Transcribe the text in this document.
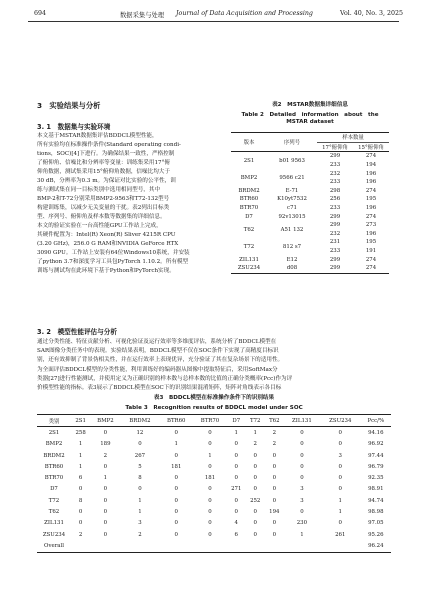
694	数据采集与处理 Journal of Data Acquisition and Processing	Vol. 40, No. 3, 2025
3　实验结果与分析
3. 1　数据集与实验环境
本文基于MSTAR数据集评估BDDCL模型性能，
所有实验均在标准操作条件(Standard operating condi-
tions，SOC)[4]下进行。为确保结果一致性，严格控制
了俯仰角、信噪比和分辨率等变量：训练集采用17°俯
仰角数据，测试集采用15°俯仰角数据，信噪比均大于
30 dB，分辨率为0.3 m。为保证对比实验的公平性，训
练与测试集在同一目标类别中选用相同型号，其中
BMP-2和T-72分别采用BMP2-9563和T72-132型号
构建训练集，以减少无关变量的干扰。表2列出目标类
型、序列号、俯仰角及样本数等数据集的详细信息。
本文的验证实验在一台高性能GPU工作站上完成，
其硬件配置为：Intel(R) Xeon(R) Sliver 4215R CPU
(3.20 GHz)，256.0 G RAM和NVIDIA GeForce RTX
3090 GPU。工作站上安装有64位Windows10系统，并安装
了python 3.7和深度学习工具包PyTorch 1.10.2。所有模型
训练与测试均在此环境下基于Python和PyTorch实现。
表2　MSTAR数据集详细信息
Table 2　Detailed　information　about　the
MSTAR dataset
版本	序列号	样本数量	
		17°俯仰角	15°俯仰角
2S1	b01 9563	299	274
		233	194
BMP2	9566 c21	232	196
		233	196
BRDM2	E-71	298	274
BTR60	K10yt7532	256	195
BTR70	c71	233	196
D7	92v13015	299	274
T62	A51 132	299	273
		232	196
T72	812 s7	231	195
		233	191
ZIL131	E12	299	274
ZSU234	d08	299	274
3. 2　模型性能评估与分析
通过分类性能、特征贡献分析、可视化验证及运行效率等多维度评估，系统分析了BDDCL模型在
SAR图像分类任务中的表现。实验结果表明，BDDCL模型不仅在SOC条件下实现了高精度目标识
别，还有效抑制了背景伪相关性，并在运行效率上表现优异，充分验证了其在复杂场景下的适用性。
为全面评估BDDCL模型的分类性能，利用训练好的编码器从图像中提取特征后，采用SoftMax分
类器[27]进行性能测试，并使用定义为正确识别的样本数与总样本数的比值的正确分类概率(Pcc)作为评
价模型性能的指标。表3展示了BDDCL模型在SOC下的识别结果混淆矩阵，矩阵对角线表示各目标
表3　BDDCL模型在标准操作条件下的识别结果
Table 3　Recognition results of BDDCL model under SOC
类别	2S1	BMP2	BRDM2	BTR60	BTR70	D7	T72	T62	ZIL131	ZSU234	Pcc/%
2S1	258	0	12	0	0	1	1	2	0	0	94.16
BMP2	1	189	0	1	0	0	2	2	0	0	96.92
BRDM2	1	2	267	0	1	0	0	0	0	3	97.44
BTR60	1	0	5	181	0	0	0	0	0	0	96.79
BTR70	6	1	8	0	181	0	0	0	0	0	92.35
D7	0	0	0	0	0	271	0	0	3	0	98.91
T72	8	0	1	0	0	0	252	0	3	1	94.74
T62	0	0	1	0	0	0	0	194	0	1	98.98
ZIL131	0	0	3	0	0	4	0	0	230	0	97.05
ZSU234	2	0	2	0	0	6	0	0	1	261	95.26
Overall											96.24
